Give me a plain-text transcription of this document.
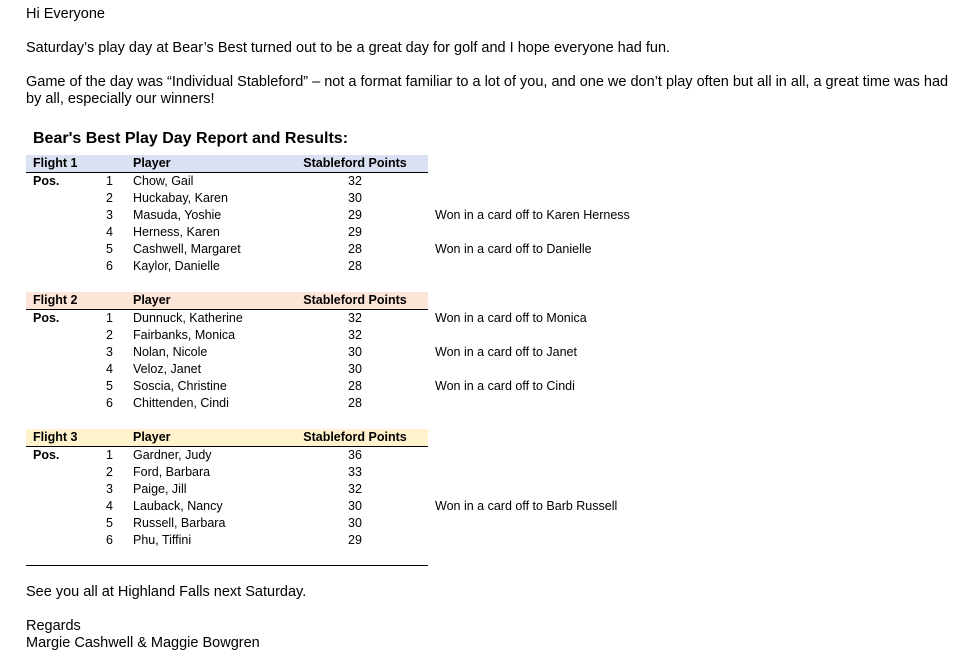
Hi Everyone
Saturday’s play day at Bear’s Best turned out to be a great day for golf and I hope everyone had fun.
Game of the day was “Individual Stableford” – not a format familiar to a lot of you, and one we don’t play often but all in all, a great time was had by all, especially our winners!
Bear's Best Play Day Report and Results:
Flight 1	Player	Stableford Points
Pos.	1 Chow, Gail	32
2 Huckabay, Karen	30
3 Masuda, Yoshie	29	Won in a card off to Karen Herness
4 Herness, Karen	29
5 Cashwell, Margaret	28	Won in a card off to Danielle
6 Kaylor, Danielle	28
Flight 2	Player	Stableford Points
Pos.	1 Dunnuck, Katherine	32	Won in a card off to Monica
2 Fairbanks, Monica	32
3 Nolan, Nicole	30	Won in a card off to Janet
4 Veloz, Janet	30
5 Soscia, Christine	28	Won in a card off to Cindi
6 Chittenden, Cindi	28
Flight 3	Player	Stableford Points
Pos.	1 Gardner, Judy	36
2 Ford, Barbara	33
3 Paige, Jill	32
4 Lauback, Nancy	30	Won in a card off to Barb Russell
5 Russell, Barbara	30
6 Phu, Tiffini	29
See you all at Highland Falls next Saturday.
Regards
Margie Cashwell & Maggie Bowgren
